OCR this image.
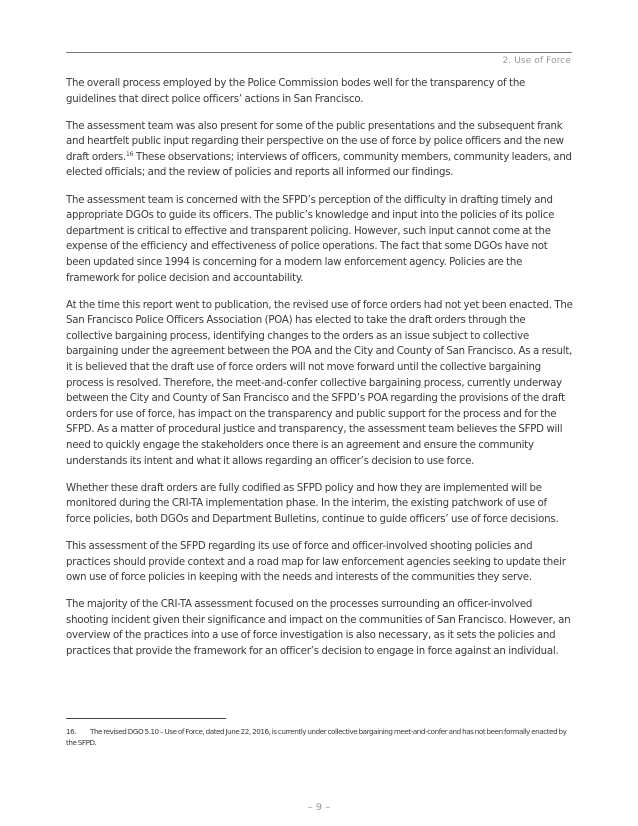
2. Use of Force

The overall process employed by the Police Commission bodes well for the transparency of the guidelines that direct police officers’ actions in San Francisco.

The assessment team was also present for some of the public presentations and the subsequent frank and heartfelt public input regarding their perspective on the use of force by police officers and the new draft orders.$^{16}$ These observations; interviews of officers, community members, community leaders, and elected officials; and the review of policies and reports all informed our findings.

The assessment team is concerned with the SFPD’s perception of the difficulty in drafting timely and appropriate DGOs to guide its officers. The public’s knowledge and input into the policies of its police department is critical to effective and transparent policing. However, such input cannot come at the expense of the efficiency and effectiveness of police operations. The fact that some DGOs have not been updated since 1994 is concerning for a modern law enforcement agency. Policies are the framework for police decision and accountability.

At the time this report went to publication, the revised use of force orders had not yet been enacted. The San Francisco Police Officers Association (POA) has elected to take the draft orders through the collective bargaining process, identifying changes to the orders as an issue subject to collective bargaining under the agreement between the POA and the City and County of San Francisco. As a result, it is believed that the draft use of force orders will not move forward until the collective bargaining process is resolved. Therefore, the meet-and-confer collective bargaining process, currently underway between the City and County of San Francisco and the SFPD’s POA regarding the provisions of the draft orders for use of force, has impact on the transparency and public support for the process and for the SFPD. As a matter of procedural justice and transparency, the assessment team believes the SFPD will need to quickly engage the stakeholders once there is an agreement and ensure the community understands its intent and what it allows regarding an officer’s decision to use force.

Whether these draft orders are fully codified as SFPD policy and how they are implemented will be monitored during the CRI-TA implementation phase. In the interim, the existing patchwork of use of force policies, both DGOs and Department Bulletins, continue to guide officers’ use of force decisions.

This assessment of the SFPD regarding its use of force and officer-involved shooting policies and practices should provide context and a road map for law enforcement agencies seeking to update their own use of force policies in keeping with the needs and interests of the communities they serve.

The majority of the CRI-TA assessment focused on the processes surrounding an officer-involved shooting incident given their significance and impact on the communities of San Francisco. However, an overview of the practices into a use of force investigation is also necessary, as it sets the policies and practices that provide the framework for an officer’s decision to engage in force against an individual.

16. The revised DGO 5.10 – Use of Force, dated June 22, 2016, is currently under collective bargaining meet-and-confer and has not been formally enacted by the SFPD.
– 9 –
